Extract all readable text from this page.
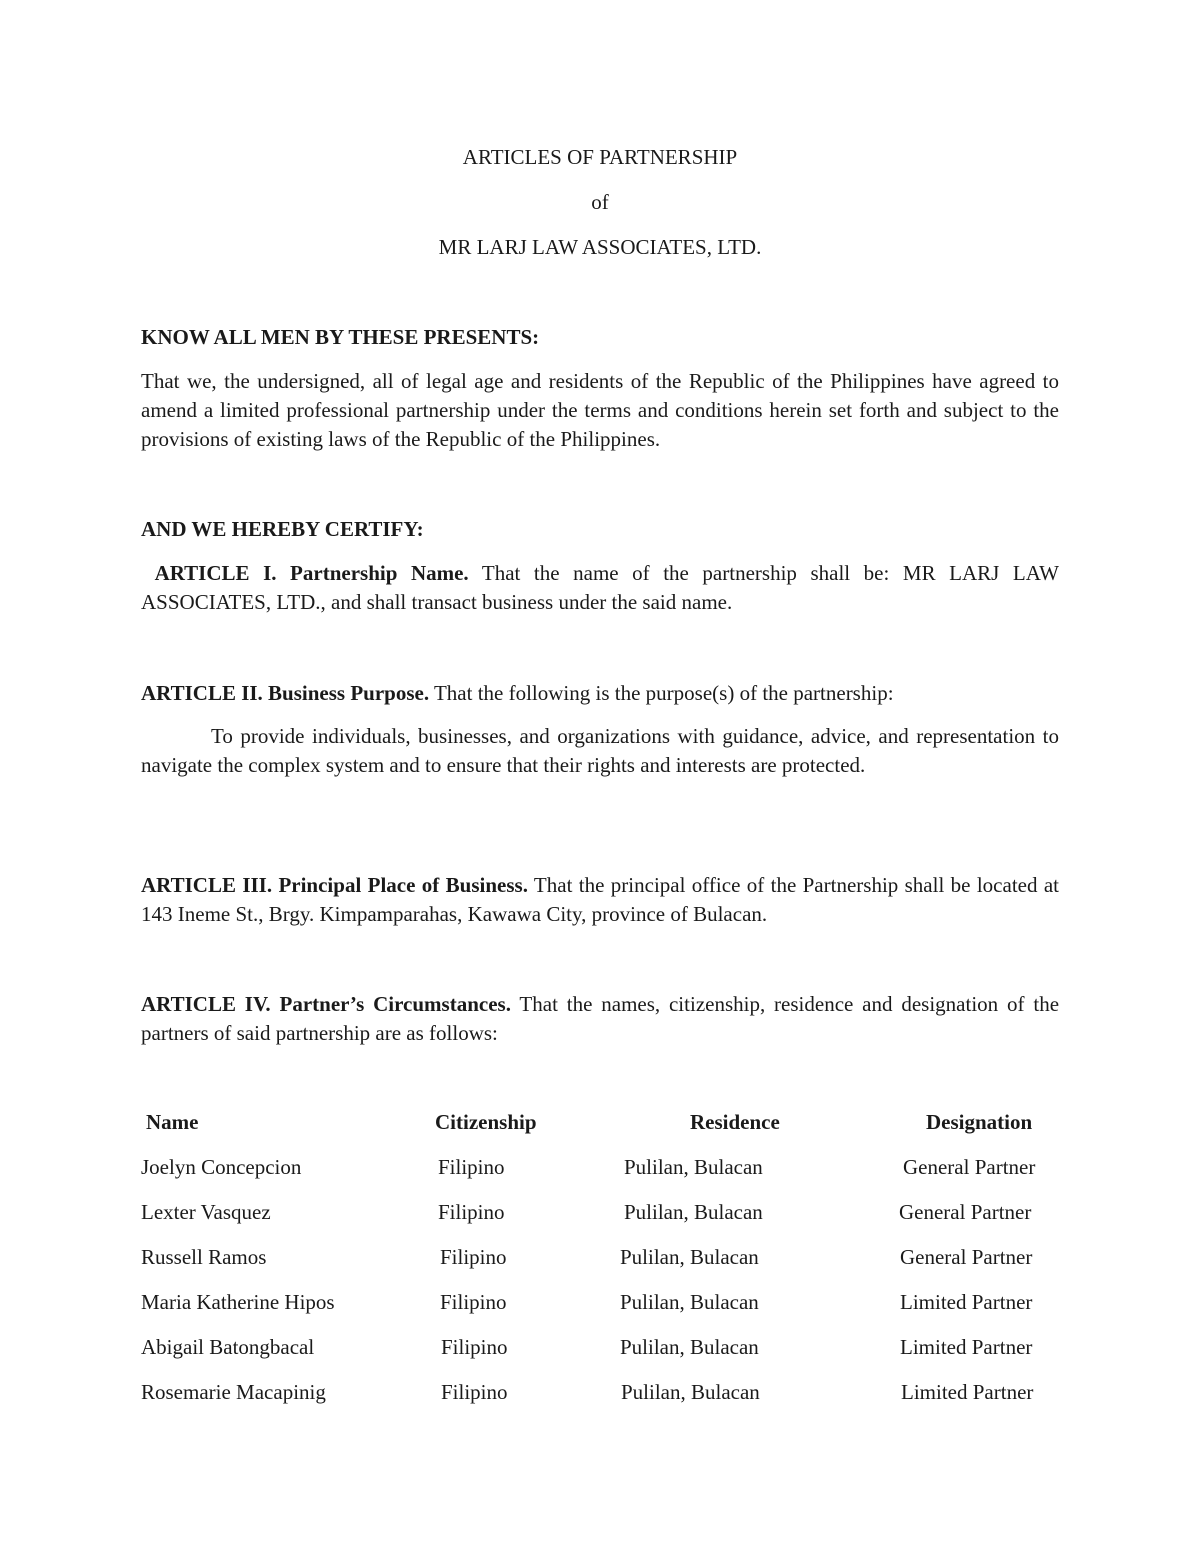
ARTICLES OF PARTNERSHIP
of
MR LARJ LAW ASSOCIATES, LTD.
KNOW ALL MEN BY THESE PRESENTS:
That we, the undersigned, all of legal age and residents of the Republic of the Philippines have agreed to amend a limited professional partnership under the terms and conditions herein set forth and subject to the provisions of existing laws of the Republic of the Philippines.
AND WE HEREBY CERTIFY:
ARTICLE I. Partnership Name. That the name of the partnership shall be: MR LARJ LAW ASSOCIATES, LTD., and shall transact business under the said name.
ARTICLE II. Business Purpose. That the following is the purpose(s) of the partnership:
To provide individuals, businesses, and organizations with guidance, advice, and representation to navigate the complex system and to ensure that their rights and interests are protected.
ARTICLE III. Principal Place of Business. That the principal office of the Partnership shall be located at 143 Ineme St., Brgy. Kimpamparahas, Kawawa City, province of Bulacan.
ARTICLE IV. Partner’s Circumstances. That the names, citizenship, residence and designation of the partners of said partnership are as follows:
Name	Citizenship	Residence	Designation
Joelyn Concepcion	Filipino	Pulilan, Bulacan	General Partner
Lexter Vasquez	Filipino	Pulilan, Bulacan	General Partner
Russell Ramos	Filipino	Pulilan, Bulacan	General Partner
Maria Katherine Hipos	Filipino	Pulilan, Bulacan	Limited Partner
Abigail Batongbacal	Filipino	Pulilan, Bulacan	Limited Partner
Rosemarie Macapinig	Filipino	Pulilan, Bulacan	Limited Partner
